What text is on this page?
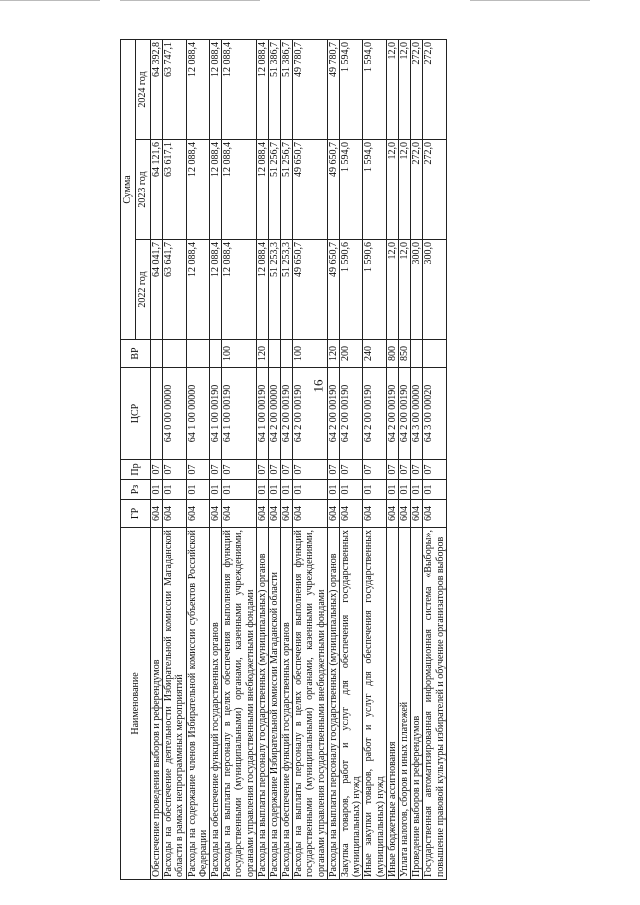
16
Наименование	ГР	Рз	Пр	ЦСР	ВР	Сумма		
						2022 год	2023 год	2024 год
Обеспечение проведения выборов и референдумов	604	01	07			64 041,7	64 121,6	64 392,8
Расходы на обеспечение деятельности Избирательной комиссии Магаданской области в рамках непрограммных мероприятий	604	01	07	64 0 00 00000		63 641,7	63 617,1	63 747,1
Расходы на содержание членов Избирательной комиссии субъектов Российской Федерации	604	01	07	64 1 00 00000		12 088,4	12 088,4	12 088,4
Расходы на обеспечение функций государственных органов	604	01	07	64 1 00 00190		12 088,4	12 088,4	12 088,4
Расходы на выплаты персоналу в целях обеспечения выполнения функций государственными (муниципальными) органами, казенными учреждениями, органами управления государственными внебюджетными фондами	604	01	07	64 1 00 00190	100	12 088,4	12 088,4	12 088,4
Расходы на выплаты персоналу государственных (муниципальных) органов	604	01	07	64 1 00 00190	120	12 088,4	12 088,4	12 088,4
Расходы на содержание Избирательной комиссии Магаданской области	604	01	07	64 2 00 00000		51 253,3	51 256,7	51 386,7
Расходы на обеспечение функций государственных органов	604	01	07	64 2 00 00190		51 253,3	51 256,7	51 386,7
Расходы на выплаты персоналу в целях обеспечения выполнения функций государственными (муниципальными) органами, казенными учреждениями, органами управления государственными внебюджетными фондами	604	01	07	64 2 00 00190	100	49 650,7	49 650,7	49 780,7
Расходы на выплаты персоналу государственных (муниципальных) органов	604	01	07	64 2 00 00190	120	49 650,7	49 650,7	49 780,7
Закупка товаров, работ и услуг для обеспечения государственных (муниципальных) нужд	604	01	07	64 2 00 00190	200	1 590,6	1 594,0	1 594,0
Иные закупки товаров, работ и услуг для обеспечения государственных (муниципальных) нужд	604	01	07	64 2 00 00190	240	1 590,6	1 594,0	1 594,0
Иные бюджетные ассигнования	604	01	07	64 2 00 00190	800	12,0	12,0	12,0
Уплата налогов, сборов и иных платежей	604	01	07	64 2 00 00190	850	12,0	12,0	12,0
Проведение выборов и референдумов	604	01	07	64 3 00 00000		300,0	272,0	272,0
Государственная автоматизированная информационная система «Выборы», повышение правовой культуры избирателей и обучение организаторов выборов	604	01	07	64 3 00 00020		300,0	272,0	272,0
